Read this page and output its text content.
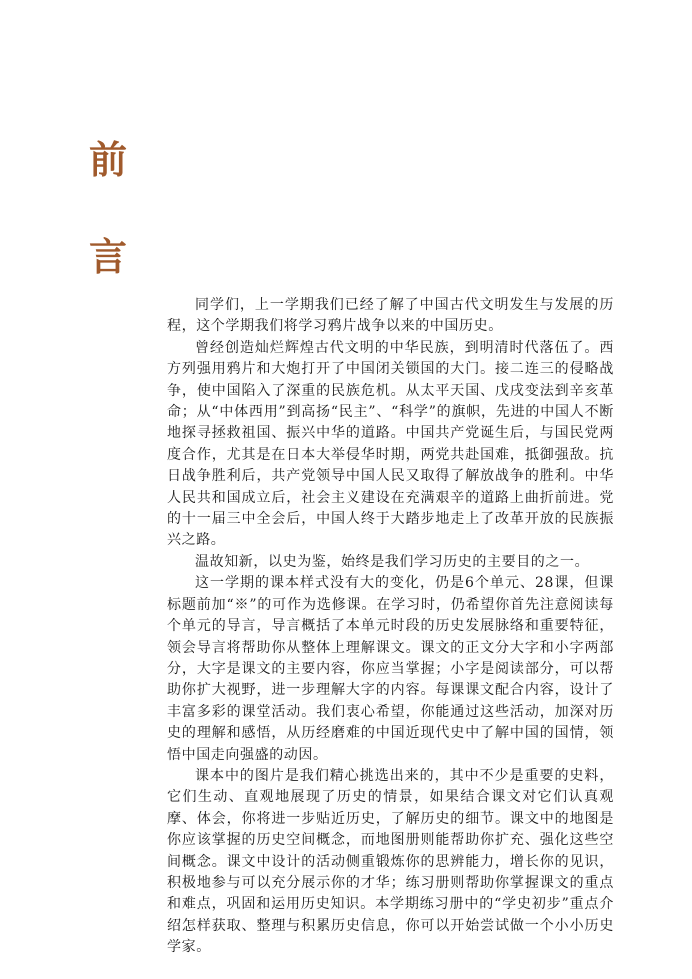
前
言

同学们，上一学期我们已经了解了中国古代文明发生与发展的历程，这个学期我们将学习鸦片战争以来的中国历史。

曾经创造灿烂辉煌古代文明的中华民族，到明清时代落伍了。西方列强用鸦片和大炮打开了中国闭关锁国的大门。接二连三的侵略战争，使中国陷入了深重的民族危机。从太平天国、戊戌变法到辛亥革命；从“中体西用”到高扬“民主”、“科学”的旗帜，先进的中国人不断地探寻拯救祖国、振兴中华的道路。中国共产党诞生后，与国民党两度合作，尤其是在日本大举侵华时期，两党共赴国难，抵御强敌。抗日战争胜利后，共产党领导中国人民又取得了解放战争的胜利。中华人民共和国成立后，社会主义建设在充满艰辛的道路上曲折前进。党的十一届三中全会后，中国人终于大踏步地走上了改革开放的民族振兴之路。

温故知新，以史为鉴，始终是我们学习历史的主要目的之一。

这一学期的课本样式没有大的变化，仍是6个单元、28课，但课标题前加“※”的可作为选修课。在学习时，仍希望你首先注意阅读每个单元的导言，导言概括了本单元时段的历史发展脉络和重要特征，领会导言将帮助你从整体上理解课文。课文的正文分大字和小字两部分，大字是课文的主要内容，你应当掌握；小字是阅读部分，可以帮助你扩大视野，进一步理解大字的内容。每课课文配合内容，设计了丰富多彩的课堂活动。我们衷心希望，你能通过这些活动，加深对历史的理解和感悟，从历经磨难的中国近现代史中了解中国的国情，领悟中国走向强盛的动因。

课本中的图片是我们精心挑选出来的，其中不少是重要的史料，它们生动、直观地展现了历史的情景，如果结合课文对它们认真观摩、体会，你将进一步贴近历史，了解历史的细节。课文中的地图是你应该掌握的历史空间概念，而地图册则能帮助你扩充、强化这些空间概念。课文中设计的活动侧重锻炼你的思辨能力，增长你的见识，积极地参与可以充分展示你的才华；练习册则帮助你掌握课文的重点和难点，巩固和运用历史知识。本学期练习册中的“学史初步”重点介绍怎样获取、整理与积累历史信息，你可以开始尝试做一个小小历史学家。
